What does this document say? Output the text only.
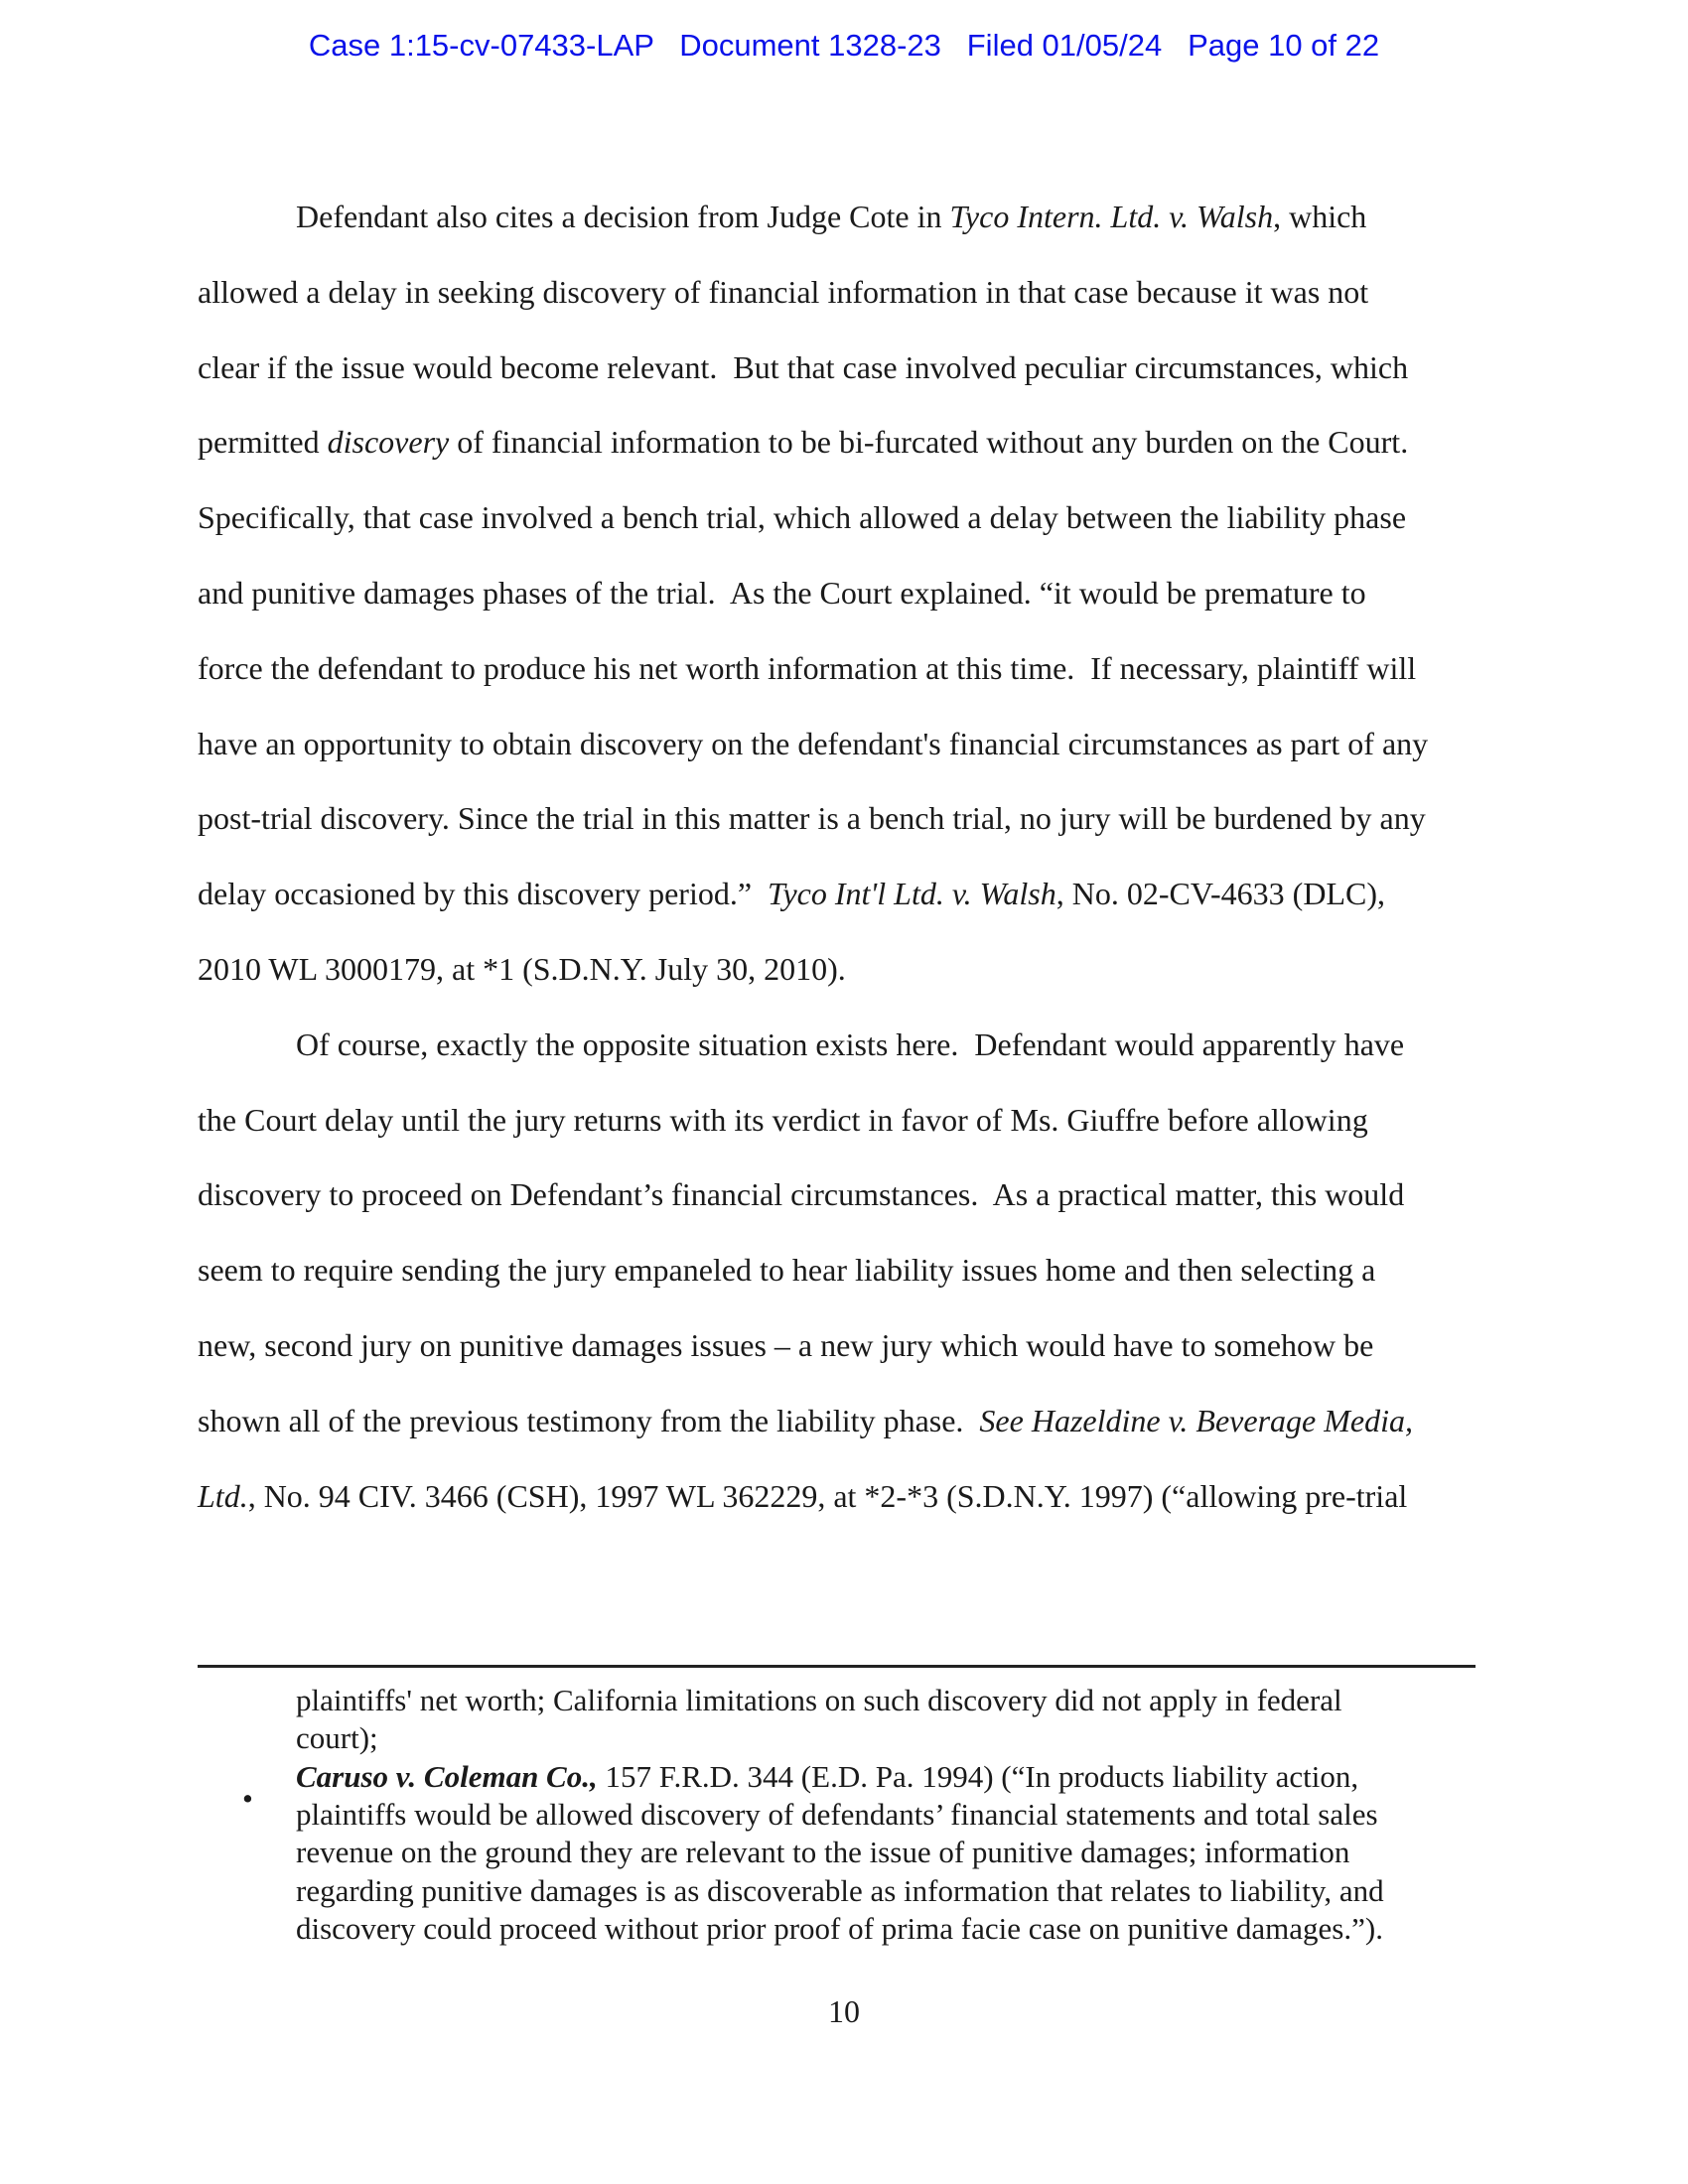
Case 1:15-cv-07433-LAP Document 1328-23 Filed 01/05/24 Page 10 of 22
Defendant also cites a decision from Judge Cote in Tyco Intern. Ltd. v. Walsh, which
allowed a delay in seeking discovery of financial information in that case because it was not
clear if the issue would become relevant.  But that case involved peculiar circumstances, which
permitted discovery of financial information to be bi-furcated without any burden on the Court.
Specifically, that case involved a bench trial, which allowed a delay between the liability phase
and punitive damages phases of the trial.  As the Court explained. “it would be premature to
force the defendant to produce his net worth information at this time.  If necessary, plaintiff will
have an opportunity to obtain discovery on the defendant's financial circumstances as part of any
post-trial discovery. Since the trial in this matter is a bench trial, no jury will be burdened by any
delay occasioned by this discovery period.”  Tyco Int'l Ltd. v. Walsh, No. 02-CV-4633 (DLC),
2010 WL 3000179, at *1 (S.D.N.Y. July 30, 2010).
Of course, exactly the opposite situation exists here.  Defendant would apparently have
the Court delay until the jury returns with its verdict in favor of Ms. Giuffre before allowing
discovery to proceed on Defendant’s financial circumstances.  As a practical matter, this would
seem to require sending the jury empaneled to hear liability issues home and then selecting a
new, second jury on punitive damages issues – a new jury which would have to somehow be
shown all of the previous testimony from the liability phase.  See Hazeldine v. Beverage Media,
Ltd., No. 94 CIV. 3466 (CSH), 1997 WL 362229, at *2-*3 (S.D.N.Y. 1997) (“allowing pre-trial
plaintiffs' net worth; California limitations on such discovery did not apply in federal
court);
Caruso v. Coleman Co., 157 F.R.D. 344 (E.D. Pa. 1994) (“In products liability action,
plaintiffs would be allowed discovery of defendants’ financial statements and total sales
revenue on the ground they are relevant to the issue of punitive damages; information
regarding punitive damages is as discoverable as information that relates to liability, and
discovery could proceed without prior proof of prima facie case on punitive damages.”).
•
10
